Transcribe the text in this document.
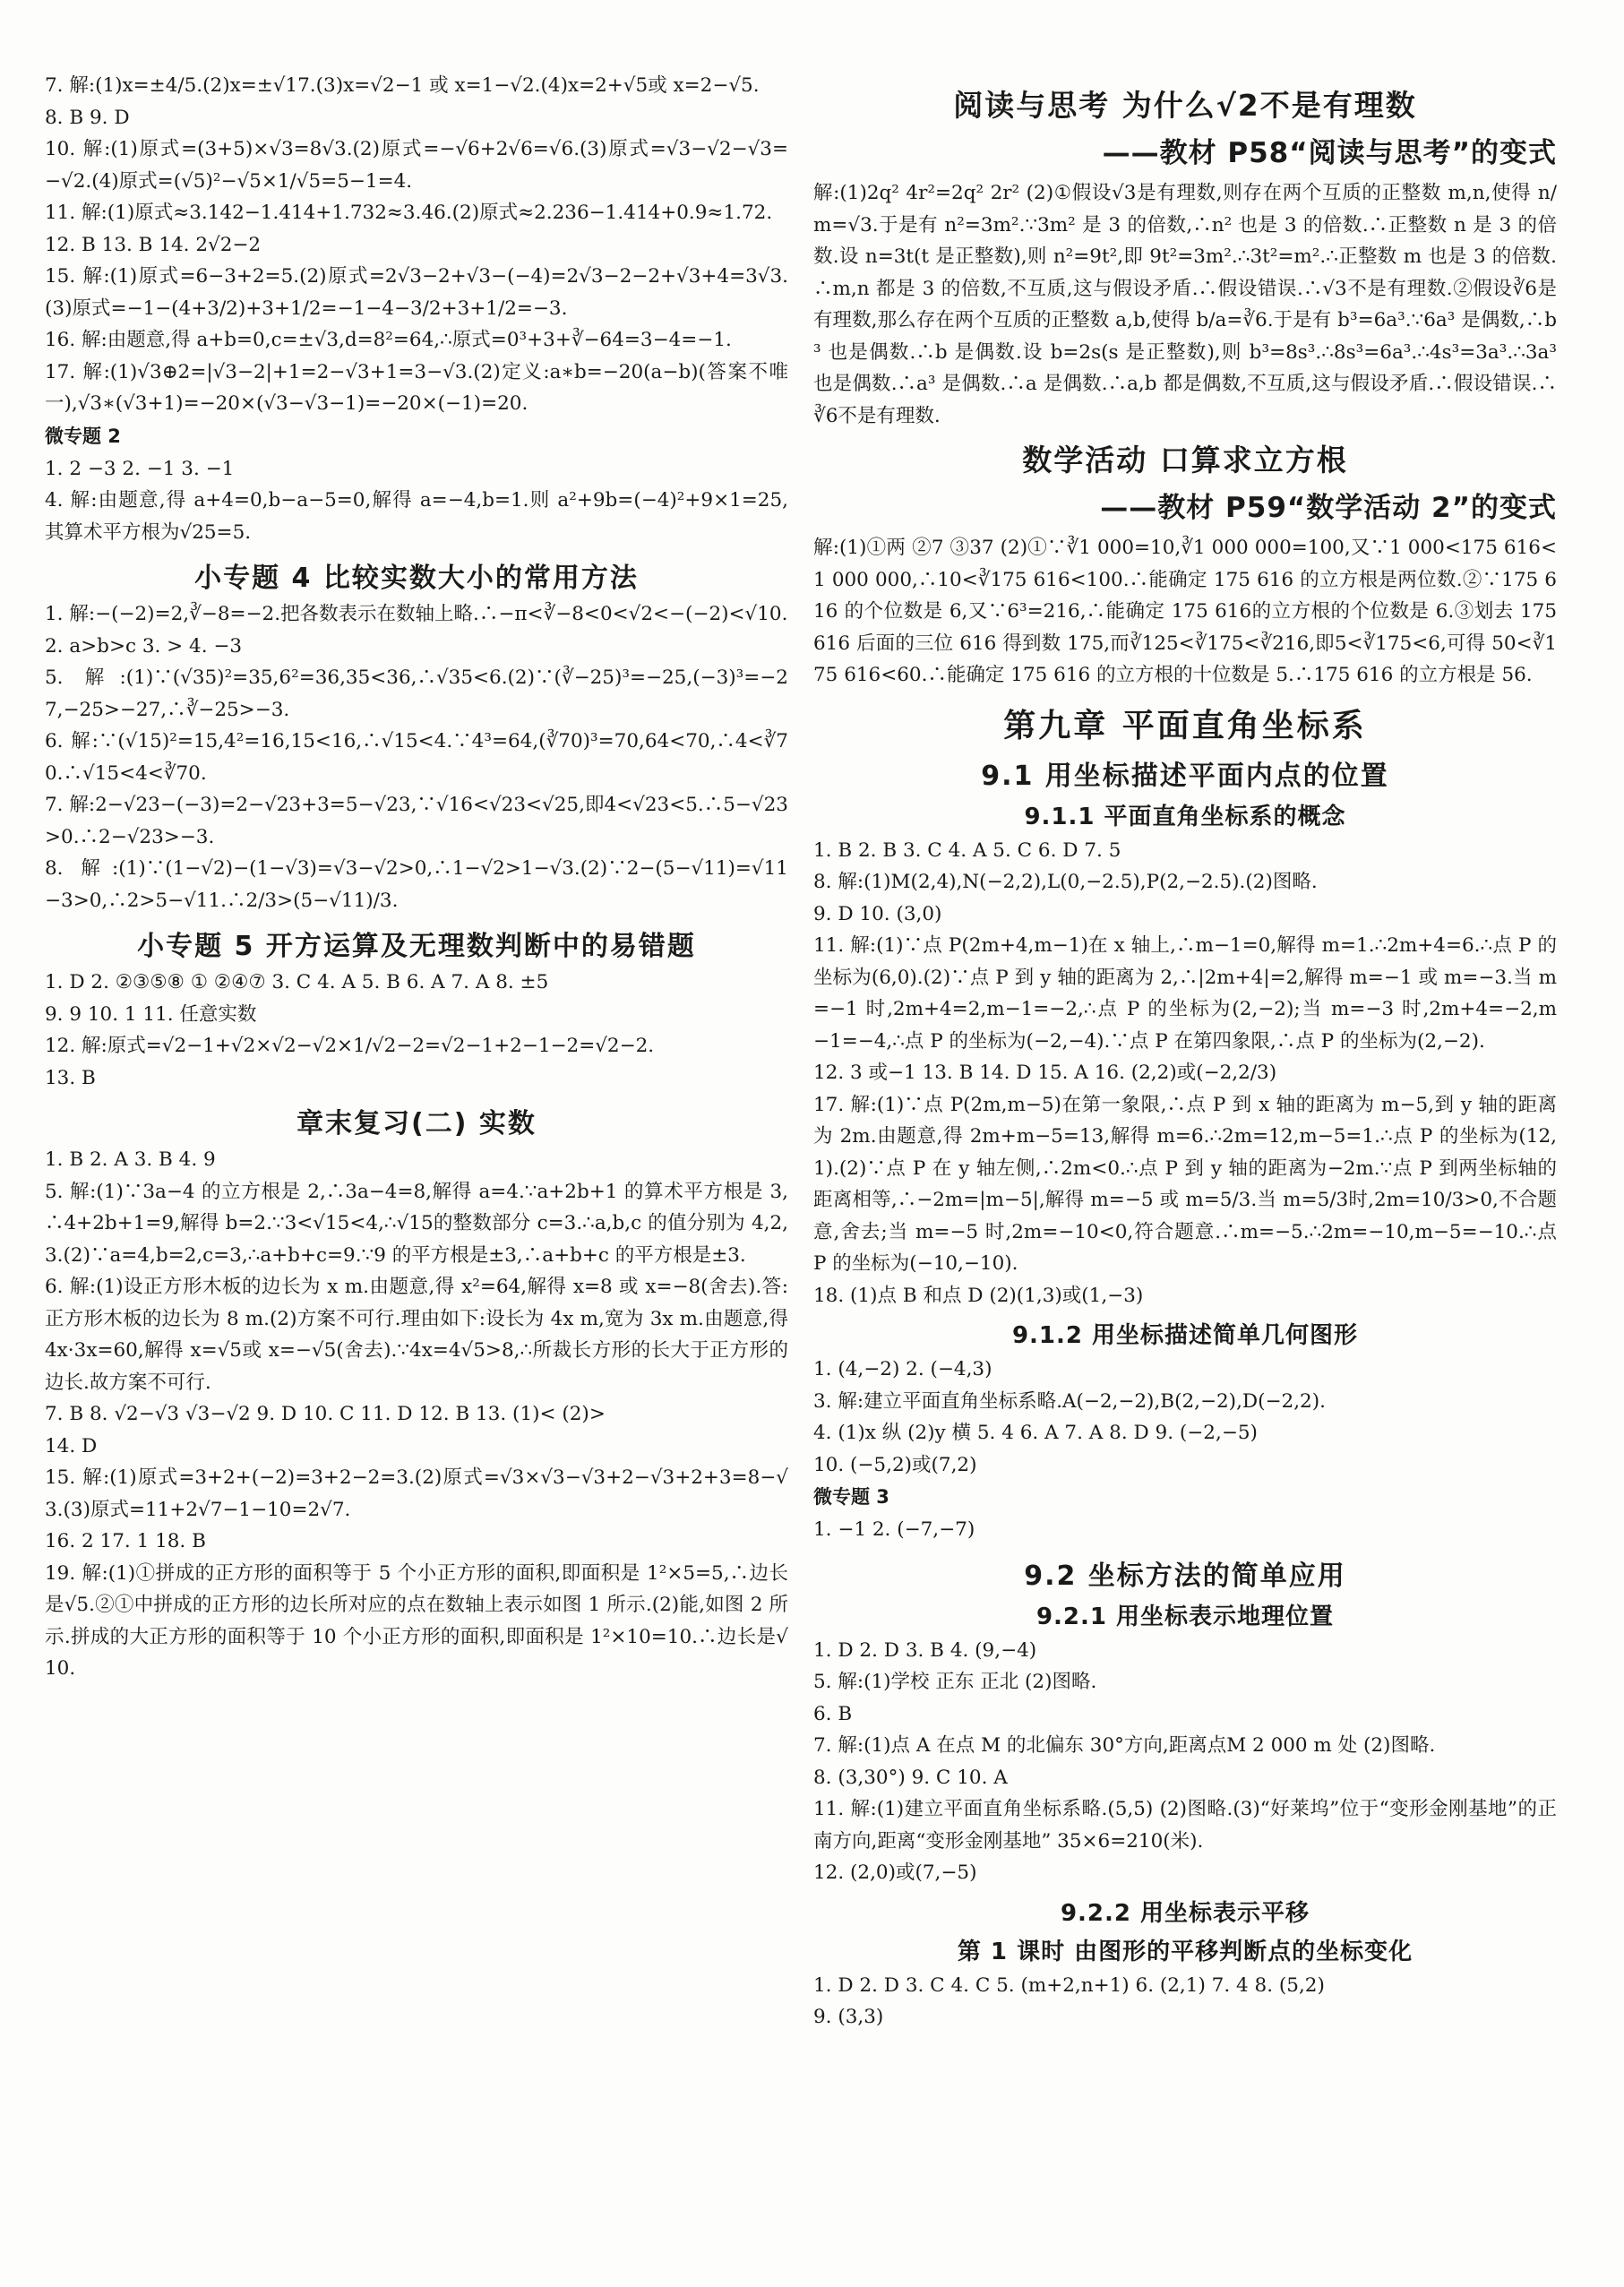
7. 解:(1)x=±4/5.(2)x=±√17.(3)x=√2−1 或 x=1−√2.(4)x=2+√5或 x=2−√5.

8. B 9. D

10. 解:(1)原式=(3+5)×√3=8√3.(2)原式=−√6+2√6=√6.(3)原式=√3−√2−√3=−√2.(4)原式=(√5)²−√5×1/√5=5−1=4.

11. 解:(1)原式≈3.142−1.414+1.732≈3.46.(2)原式≈2.236−1.414+0.9≈1.72.

12. B 13. B 14. 2√2−2

15. 解:(1)原式=6−3+2=5.(2)原式=2√3−2+√3−(−4)=2√3−2−2+√3+4=3√3.(3)原式=−1−(4+3/2)+3+1/2=−1−4−3/2+3+1/2=−3.

16. 解:由题意,得 a+b=0,c=±√3,d=8²=64,∴原式=0³+3+∛−64=3−4=−1.

17. 解:(1)√3⊕2=|√3−2|+1=2−√3+1=3−√3.(2)定义:a∗b=−20(a−b)(答案不唯一),√3∗(√3+1)=−20×(√3−√3−1)=−20×(−1)=20.

微专题 2

1. 2 −3 2. −1 3. −1

4. 解:由题意,得 a+4=0,b−a−5=0,解得 a=−4,b=1.则 a²+9b=(−4)²+9×1=25,其算术平方根为√25=5.

小专题 4 比较实数大小的常用方法

1. 解:−(−2)=2,∛−8=−2.把各数表示在数轴上略.∴−π<∛−8<0<√2<−(−2)<√10.

2. a>b>c 3. > 4. −3

5. 解:(1)∵(√35)²=35,6²=36,35<36,∴√35<6.(2)∵(∛−25)³=−25,(−3)³=−27,−25>−27,∴∛−25>−3.

6. 解:∵(√15)²=15,4²=16,15<16,∴√15<4.∵4³=64,(∛70)³=70,64<70,∴4<∛70.∴√15<4<∛70.

7. 解:2−√23−(−3)=2−√23+3=5−√23,∵√16<√23<√25,即4<√23<5.∴5−√23>0.∴2−√23>−3.

8. 解:(1)∵(1−√2)−(1−√3)=√3−√2>0,∴1−√2>1−√3.(2)∵2−(5−√11)=√11−3>0,∴2>5−√11.∴2/3>(5−√11)/3.

小专题 5 开方运算及无理数判断中的易错题

1. D 2. ②③⑤⑧ ① ②④⑦ 3. C 4. A 5. B 6. A 7. A 8. ±5

9. 9 10. 1 11. 任意实数

12. 解:原式=√2−1+√2×√2−√2×1/√2−2=√2−1+2−1−2=√2−2.

13. B

章末复习(二) 实数

1. B 2. A 3. B 4. 9

5. 解:(1)∵3a−4 的立方根是 2,∴3a−4=8,解得 a=4.∵a+2b+1 的算术平方根是 3,∴4+2b+1=9,解得 b=2.∵3<√15<4,∴√15的整数部分 c=3.∴a,b,c 的值分别为 4,2,3.(2)∵a=4,b=2,c=3,∴a+b+c=9.∵9 的平方根是±3,∴a+b+c 的平方根是±3.

6. 解:(1)设正方形木板的边长为 x m.由题意,得 x²=64,解得 x=8 或 x=−8(舍去).答:正方形木板的边长为 8 m.(2)方案不可行.理由如下:设长为 4x m,宽为 3x m.由题意,得 4x·3x=60,解得 x=√5或 x=−√5(舍去).∵4x=4√5>8,∴所裁长方形的长大于正方形的边长.故方案不可行.

7. B 8. √2−√3 √3−√2 9. D 10. C 11. D 12. B 13. (1)< (2)>

14. D

15. 解:(1)原式=3+2+(−2)=3+2−2=3.(2)原式=√3×√3−√3+2−√3+2+3=8−√3.(3)原式=11+2√7−1−10=2√7.

16. 2 17. 1 18. B

19. 解:(1)①拼成的正方形的面积等于 5 个小正方形的面积,即面积是 1²×5=5,∴边长是√5.②①中拼成的正方形的边长所对应的点在数轴上表示如图 1 所示.(2)能,如图 2 所示.拼成的大正方形的面积等于 10 个小正方形的面积,即面积是 1²×10=10.∴边长是√10.

阅读与思考 为什么√2不是有理数
——教材 P58“阅读与思考”的变式

解:(1)2q² 4r²=2q² 2r² (2)①假设√3是有理数,则存在两个互质的正整数 m,n,使得 n/m=√3.于是有 n²=3m².∵3m² 是 3 的倍数,∴n² 也是 3 的倍数.∴正整数 n 是 3 的倍数.设 n=3t(t 是正整数),则 n²=9t²,即 9t²=3m².∴3t²=m².∴正整数 m 也是 3 的倍数.∴m,n 都是 3 的倍数,不互质,这与假设矛盾.∴假设错误.∴√3不是有理数.②假设∛6是有理数,那么存在两个互质的正整数 a,b,使得 b/a=∛6.于是有 b³=6a³.∵6a³ 是偶数,∴b³ 也是偶数.∴b 是偶数.设 b=2s(s 是正整数),则 b³=8s³.∴8s³=6a³.∴4s³=3a³.∴3a³ 也是偶数.∴a³ 是偶数.∴a 是偶数.∴a,b 都是偶数,不互质,这与假设矛盾.∴假设错误.∴∛6不是有理数.

数学活动 口算求立方根
——教材 P59“数学活动 2”的变式

解:(1)①两 ②7 ③37 (2)①∵∛1 000=10,∛1 000 000=100,又∵1 000<175 616<1 000 000,∴10<∛175 616<100.∴能确定 175 616 的立方根是两位数.②∵175 616 的个位数是 6,又∵6³=216,∴能确定 175 616的立方根的个位数是 6.③划去 175 616 后面的三位 616 得到数 175,而∛125<∛175<∛216,即5<∛175<6,可得 50<∛175 616<60.∴能确定 175 616 的立方根的十位数是 5.∴175 616 的立方根是 56.

第九章 平面直角坐标系
9.1 用坐标描述平面内点的位置
9.1.1 平面直角坐标系的概念

1. B 2. B 3. C 4. A 5. C 6. D 7. 5

8. 解:(1)M(2,4),N(−2,2),L(0,−2.5),P(2,−2.5).(2)图略.

9. D 10. (3,0)

11. 解:(1)∵点 P(2m+4,m−1)在 x 轴上,∴m−1=0,解得 m=1.∴2m+4=6.∴点 P 的坐标为(6,0).(2)∵点 P 到 y 轴的距离为 2,∴|2m+4|=2,解得 m=−1 或 m=−3.当 m=−1 时,2m+4=2,m−1=−2,∴点 P 的坐标为(2,−2);当 m=−3 时,2m+4=−2,m−1=−4,∴点 P 的坐标为(−2,−4).∵点 P 在第四象限,∴点 P 的坐标为(2,−2).

12. 3 或−1 13. B 14. D 15. A 16. (2,2)或(−2,2/3)

17. 解:(1)∵点 P(2m,m−5)在第一象限,∴点 P 到 x 轴的距离为 m−5,到 y 轴的距离为 2m.由题意,得 2m+m−5=13,解得 m=6.∴2m=12,m−5=1.∴点 P 的坐标为(12,1).(2)∵点 P 在 y 轴左侧,∴2m<0.∴点 P 到 y 轴的距离为−2m.∵点 P 到两坐标轴的距离相等,∴−2m=|m−5|,解得 m=−5 或 m=5/3.当 m=5/3时,2m=10/3>0,不合题意,舍去;当 m=−5 时,2m=−10<0,符合题意.∴m=−5.∴2m=−10,m−5=−10.∴点 P 的坐标为(−10,−10).

18. (1)点 B 和点 D (2)(1,3)或(1,−3)

9.1.2 用坐标描述简单几何图形

1. (4,−2) 2. (−4,3)

3. 解:建立平面直角坐标系略.A(−2,−2),B(2,−2),D(−2,2).

4. (1)x 纵 (2)y 横 5. 4 6. A 7. A 8. D 9. (−2,−5)

10. (−5,2)或(7,2)

微专题 3

1. −1 2. (−7,−7)

9.2 坐标方法的简单应用
9.2.1 用坐标表示地理位置

1. D 2. D 3. B 4. (9,−4)

5. 解:(1)学校 正东 正北 (2)图略.

6. B

7. 解:(1)点 A 在点 M 的北偏东 30°方向,距离点M 2 000 m 处 (2)图略.

8. (3,30°) 9. C 10. A

11. 解:(1)建立平面直角坐标系略.(5,5) (2)图略.(3)“好莱坞”位于“变形金刚基地”的正南方向,距离“变形金刚基地” 35×6=210(米).

12. (2,0)或(7,−5)

9.2.2 用坐标表示平移
第 1 课时 由图形的平移判断点的坐标变化

1. D 2. D 3. C 4. C 5. (m+2,n+1) 6. (2,1) 7. 4 8. (5,2)

9. (3,3)
